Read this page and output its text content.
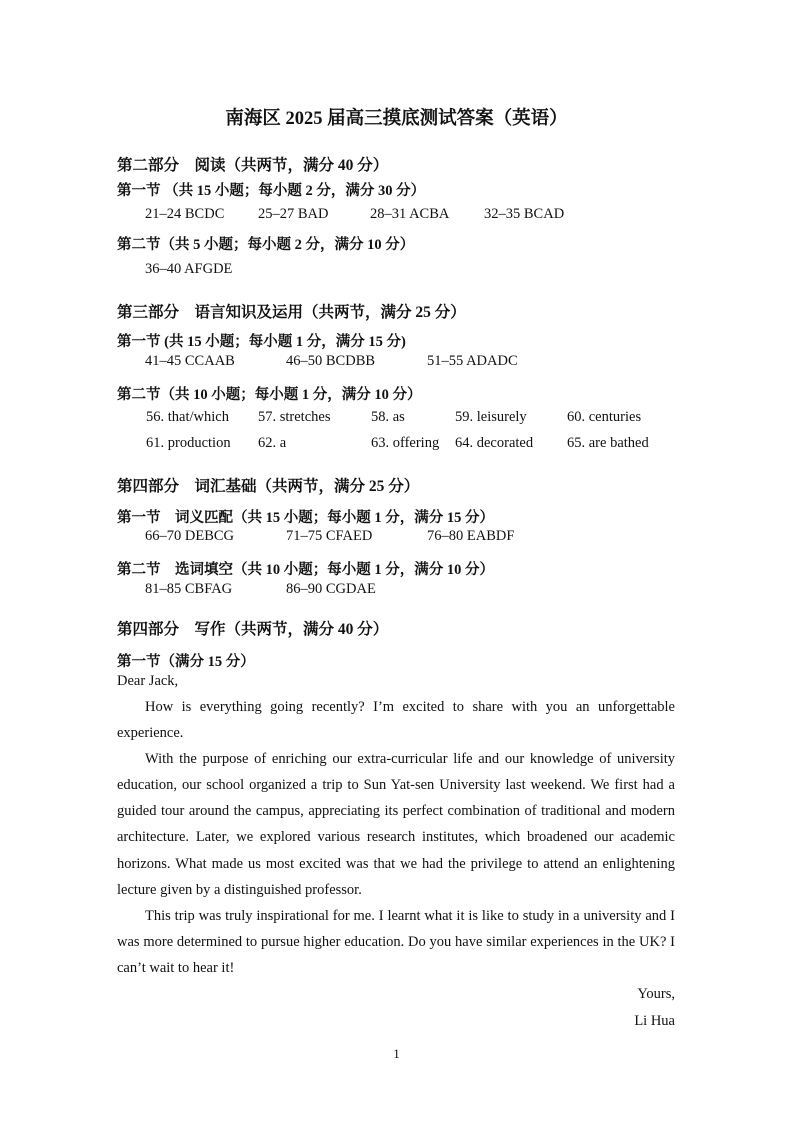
南海区 2025 届高三摸底测试答案（英语）
第二部分　阅读（共两节，满分 40 分）
第一节 （共 15 小题；每小题 2 分，满分 30 分）
21–24 BCDC 25–27 BAD	28–31 ACBA 32–35 BCAD
第二节（共 5 小题；每小题 2 分，满分 10 分）
36–40 AFGDE
第三部分　语言知识及运用（共两节，满分 25 分）
第一节 (共 15 小题；每小题 1 分，满分 15 分)
41–45 CCAAB	46–50 BCDBB	51–55 ADADC
第二节（共 10 小题；每小题 1 分，满分 10 分）
56. that/which 57. stretches	58. as	59. leisurely	60. centuries
61. production 62. a	63. offering 64. decorated 65. are bathed
第四部分　词汇基础（共两节，满分 25 分）
第一节　词义匹配（共 15 小题；每小题 1 分，满分 15 分）
66–70 DEBCG	71–75 CFAED	76–80 EABDF
第二节　选词填空（共 10 小题；每小题 1 分，满分 10 分）
81–85 CBFAG	86–90 CGDAE
第四部分　写作（共两节，满分 40 分）
第一节（满分 15 分）
Dear Jack,

How is everything going recently? I’m excited to share with you an unforgettable experience.

With the purpose of enriching our extra-curricular life and our knowledge of university education, our school organized a trip to Sun Yat-sen University last weekend. We first had a guided tour around the campus, appreciating its perfect combination of traditional and modern architecture. Later, we explored various research institutes, which broadened our academic horizons. What made us most excited was that we had the privilege to attend an enlightening lecture given by a distinguished professor.

This trip was truly inspirational for me. I learnt what it is like to study in a university and I was more determined to pursue higher education. Do you have similar experiences in the UK? I can’t wait to hear it!

Yours,
Li Hua
1
